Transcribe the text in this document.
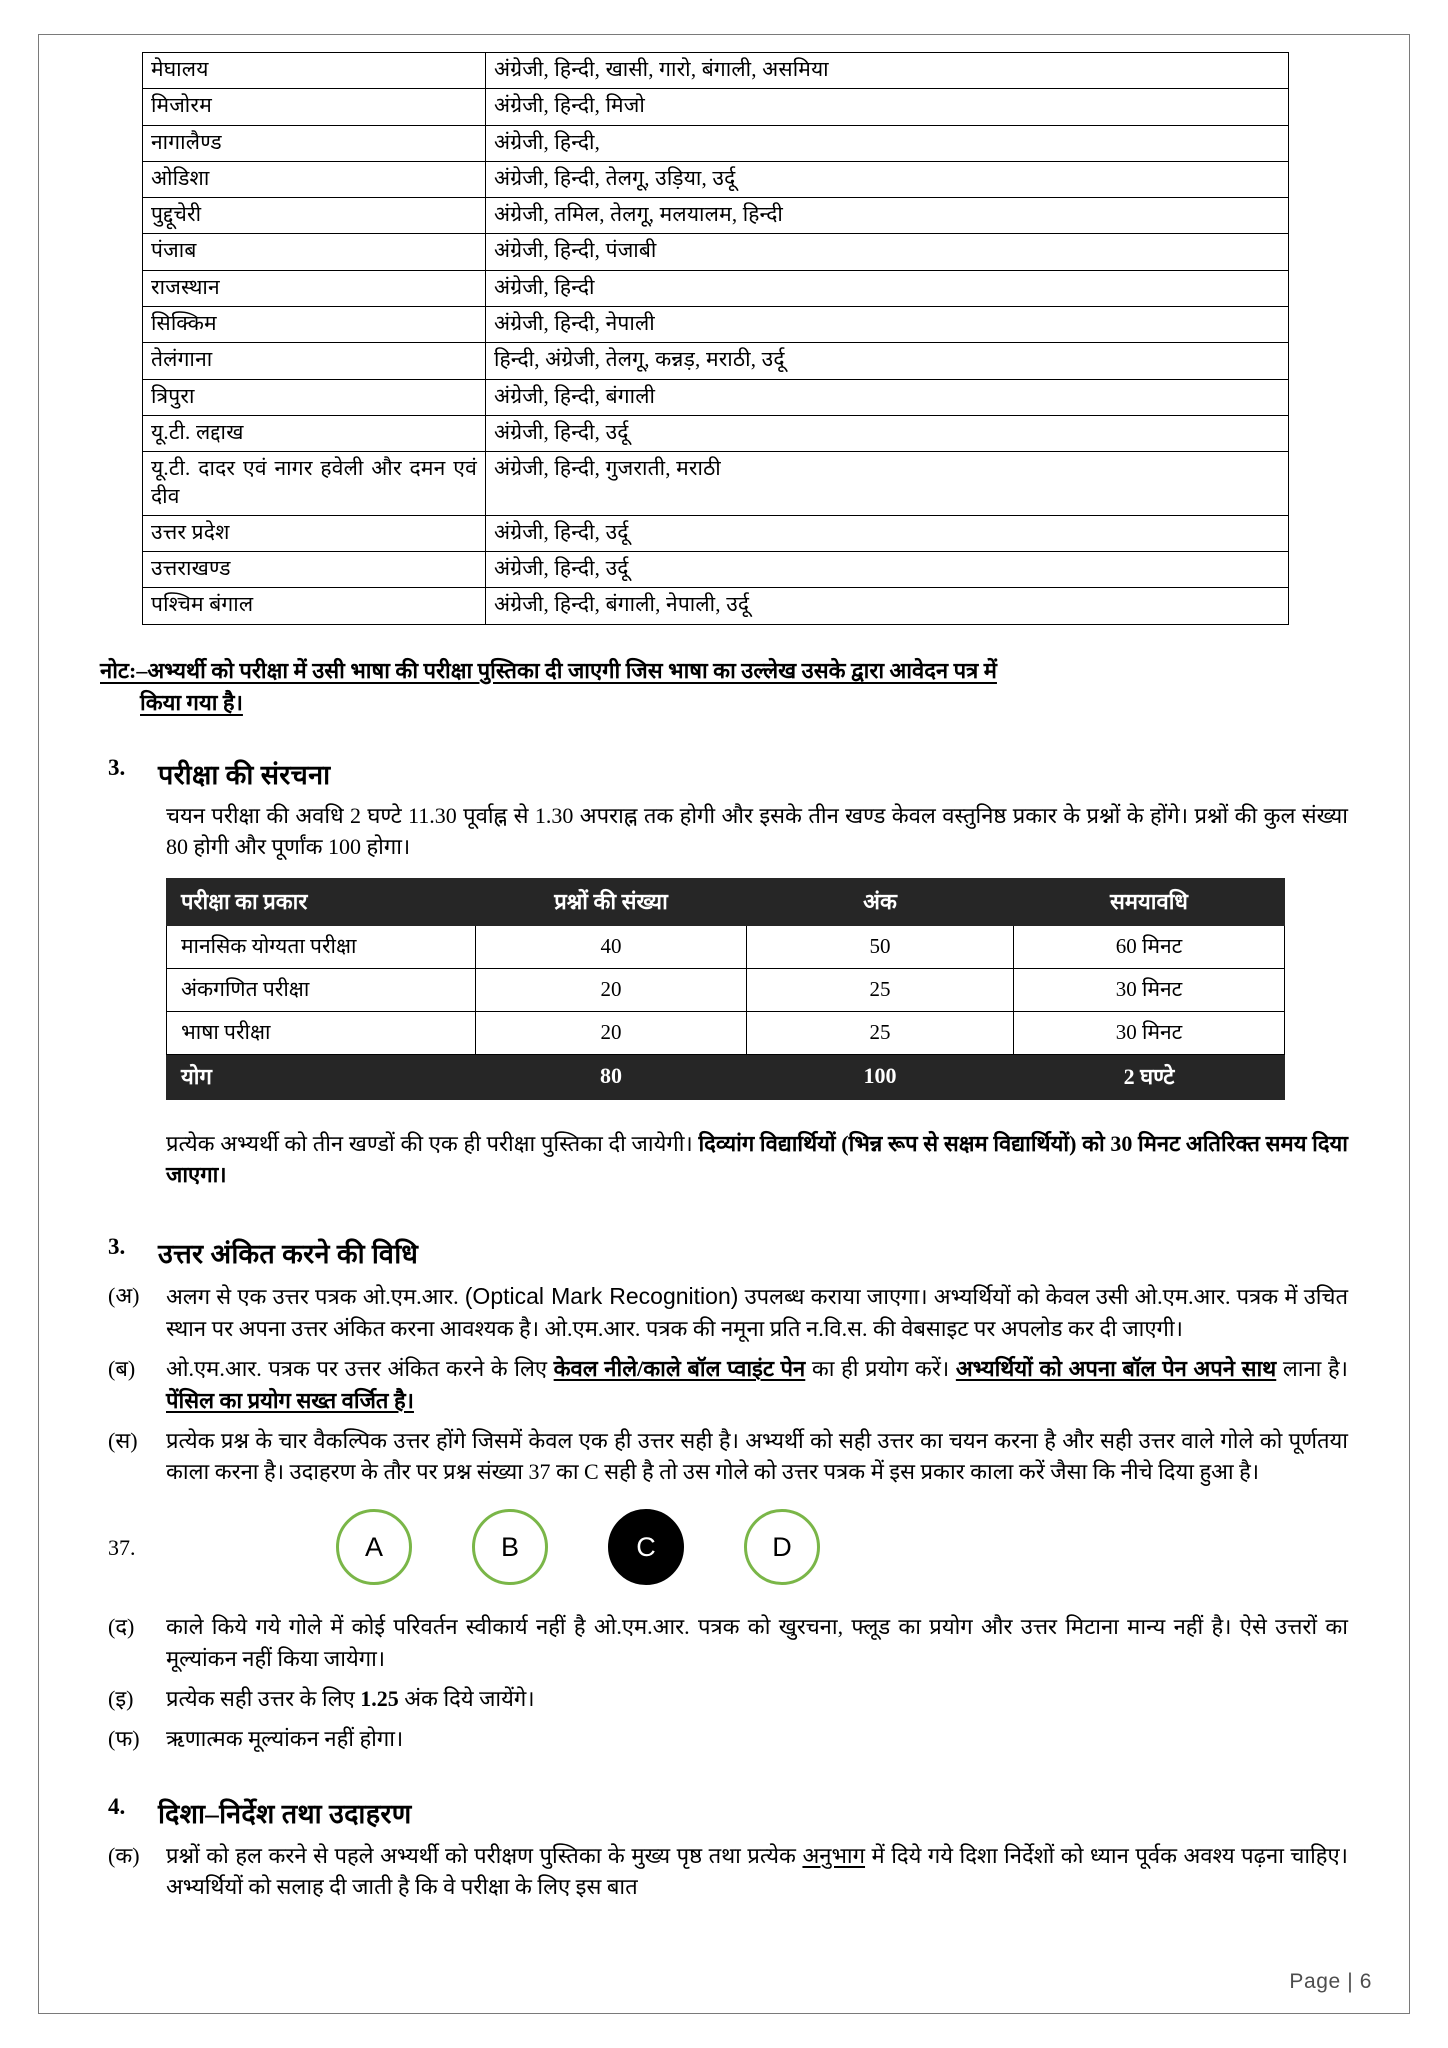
मेघालय	अंग्रेजी, हिन्दी, खासी, गारो, बंगाली, असमिया
मिजोरम	अंग्रेजी, हिन्दी, मिजो
नागालैण्ड	अंग्रेजी, हिन्दी,
ओडिशा	अंग्रेजी, हिन्दी, तेलगू, उड़िया, उर्दू
पुद्दूचेरी	अंग्रेजी, तमिल, तेलगू, मलयालम, हिन्दी
पंजाब	अंग्रेजी, हिन्दी, पंजाबी
राजस्थान	अंग्रेजी, हिन्दी
सिक्किम	अंग्रेजी, हिन्दी, नेपाली
तेलंगाना	हिन्दी, अंग्रेजी, तेलगू, कन्नड़, मराठी, उर्दू
त्रिपुरा	अंग्रेजी, हिन्दी, बंगाली
यू.टी. लद्दाख	अंग्रेजी, हिन्दी, उर्दू
यू.टी. दादर एवं नागर हवेली और दमन एवं दीव	अंग्रेजी, हिन्दी, गुजराती, मराठी
उत्तर प्रदेश	अंग्रेजी, हिन्दी, उर्दू
उत्तराखण्ड	अंग्रेजी, हिन्दी, उर्दू
पश्चिम बंगाल	अंग्रेजी, हिन्दी, बंगाली, नेपाली, उर्दू
नोट:–अभ्यर्थी को परीक्षा में उसी भाषा की परीक्षा पुस्तिका दी जाएगी जिस भाषा का उल्लेख उसके द्वारा आवेदन पत्र में
किया गया है।
3.	परीक्षा की संरचना
चयन परीक्षा की अवधि 2 घण्टे 11.30 पूर्वाह्न से 1.30 अपराह्न तक होगी और इसके तीन खण्ड केवल वस्तुनिष्ठ प्रकार के प्रश्नों के होंगे। प्रश्नों की कुल संख्या 80 होगी और पूर्णांक 100 होगा।
परीक्षा का प्रकार	प्रश्नों की संख्या	अंक	समयावधि
मानसिक योग्यता परीक्षा	40	50	60 मिनट
अंकगणित परीक्षा	20	25	30 मिनट
भाषा परीक्षा	20	25	30 मिनट
योग	80	100	2 घण्टे
प्रत्येक अभ्यर्थी को तीन खण्डों की एक ही परीक्षा पुस्तिका दी जायेगी। दिव्यांग विद्यार्थियों (भिन्न रूप से सक्षम विद्यार्थियों) को 30 मिनट अतिरिक्त समय दिया जाएगा।
3.	उत्तर अंकित करने की विधि
(अ)	अलग से एक उत्तर पत्रक ओ.एम.आर. (Optical Mark Recognition) उपलब्ध कराया जाएगा। अभ्यर्थियों को केवल उसी ओ.एम.आर. पत्रक में उचित स्थान पर अपना उत्तर अंकित करना आवश्यक है। ओ.एम.आर. पत्रक की नमूना प्रति न.वि.स. की वेबसाइट पर अपलोड कर दी जाएगी।
(ब)	ओ.एम.आर. पत्रक पर उत्तर अंकित करने के लिए केवल नीले/काले बॉल प्वाइंट पेन का ही प्रयोग करें। अभ्यर्थियों को अपना बॉल पेन अपने साथ लाना है। पेंसिल का प्रयोग सख्त वर्जित है।
(स)	प्रत्येक प्रश्न के चार वैकल्पिक उत्तर होंगे जिसमें केवल एक ही उत्तर सही है। अभ्यर्थी को सही उत्तर का चयन करना है और सही उत्तर वाले गोले को पूर्णतया काला करना है। उदाहरण के तौर पर प्रश्न संख्या 37 का C सही है तो उस गोले को उत्तर पत्रक में इस प्रकार काला करें जैसा कि नीचे दिया हुआ है।
37.	A	B	C	D
(द)	काले किये गये गोले में कोई परिवर्तन स्वीकार्य नहीं है ओ.एम.आर. पत्रक को खुरचना, फ्लूड का प्रयोग और उत्तर मिटाना मान्य नहीं है। ऐसे उत्तरों का मूल्यांकन नहीं किया जायेगा।
(इ)	प्रत्येक सही उत्तर के लिए 1.25 अंक दिये जायेंगे।
(फ)	ऋणात्मक मूल्यांकन नहीं होगा।
4.	दिशा–निर्देश तथा उदाहरण
(क)	प्रश्नों को हल करने से पहले अभ्यर्थी को परीक्षण पुस्तिका के मुख्य पृष्ठ तथा प्रत्येक अनुभाग में दिये गये दिशा निर्देशों को ध्यान पूर्वक अवश्य पढ़ना चाहिए। अभ्यर्थियों को सलाह दी जाती है कि वे परीक्षा के लिए इस बात
Page | 6
